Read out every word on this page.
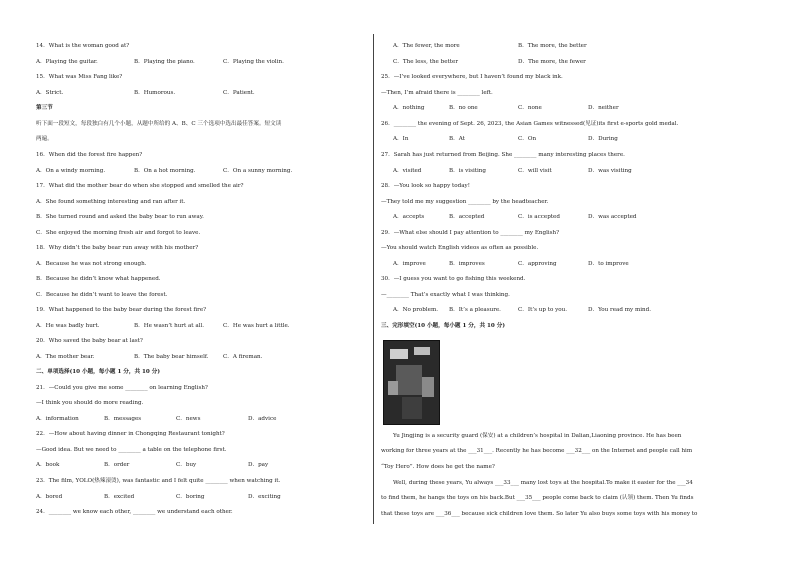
14．What is the woman good at?
A．Playing the guitar.	B．Playing the piano.	C．Playing the violin.
15．What was Miss Fang like?
A．Strict.	B．Humorous.	C．Patient.
第三节
听下面一段短文，每段独白有几个小题，从题中所给的 A、B、C 三个选项中选出最佳答案。短文读
两遍。
16．When did the forest fire happen?
A．On a windy morning.	B．On a hot morning.	C．On a sunny morning.
17．What did the mother bear do when she stopped and smelled the air?
A．She found something interesting and ran after it.
B．She turned round and asked the baby bear to run away.
C．She enjoyed the morning fresh air and forgot to leave.
18．Why didn’t the baby bear run away with his mother?
A．Because he was not strong enough.
B．Because he didn’t know what happened.
C．Because he didn’t want to leave the forest.
19．What happened to the baby bear during the forest fire?
A．He was badly hurt.	B．He wasn’t hurt at all.	C．He was hurt a little.
20．Who saved the baby bear at last?
A．The mother bear.	B．The baby bear himself.	C．A fireman.
二、单项选择(10 小题，每小题 1 分，共 10 分)
21．—Could you give me some ________ on learning English?
—I think you should do more reading.
A．information	B．messages	C．news	D．advice
22．—How about having dinner in Chongqing Restaurant tonight?
—Good idea. But we need to ________ a table on the telephone first.
A．book	B．order	C．buy	D．pay
23．The film, YOLO(热辣滚烫), was fantastic and I felt quite ________ when watching it.
A．bored	B．excited	C．boring	D．exciting
24．________ we know each other, ________ we understand each other.
A．The fewer, the more	B．The more, the better
C．The less, the better	D．The more, the fewer
25．—I’ve looked everywhere, but I haven’t found my black ink.
—Then, I’m afraid there is ________ left.
A．nothing	B．no one	C．none	D．neither
26．________ the evening of Sept. 26, 2023, the Asian Games witnessed(见证)its first e-sports gold medal.
A．In	B．At	C．On	D．During
27．Sarah has just returned from Beijing. She ________ many interesting places there.
A．visited	B．is visiting	C．will visit	D．was visiting
28．—You look so happy today!
—They told me my suggestion ________ by the headteacher.
A．accepts	B．accepted	C．is accepted	D．was accepted
29．—What else should I pay attention to ________ my English?
—You should watch English videos as often as possible.
A．improve	B．improves	C．approving	D．to improve
30．—I guess you want to go fishing this weekend.
—________ That’s exactly what I was thinking.
A．No problem. B．It’s a pleasure.	C．It’s up to you.	D．You read my mind.
三、完形填空(10 小题，每小题 1 分，共 10 分)
Yu Jingjing is a security guard (保安) at a children’s hospital in Dalian,Liaoning province. He has been
working for three years at the ___31___. Recently he has become ___32___ on the Internet and people call him
“Toy Hero”. How does he get the name?
Well, during these years, Yu always ___33___ many lost toys at the hospital.To make it easier for the ___34
to find them, he hangs the toys on his back.But ___35___ people come back to claim (认领) them. Then Yu finds
that these toys are ___36___ because sick children love them. So later Yu also buys some toys with his money to
